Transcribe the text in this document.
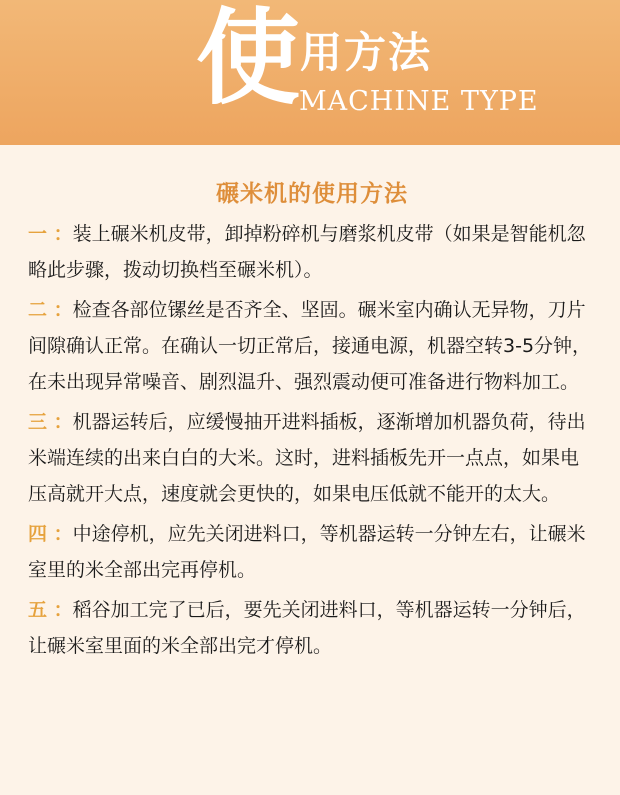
使 用方法
MACHINE TYPE
碾米机的使用方法

一 ：装上碾米机皮带，卸掉粉碎机与磨浆机皮带（如果是智能机忽略此步骤，拨动切换档至碾米机）。

二 ：检查各部位镙丝是否齐全、坚固。碾米室内确认无异物，刀片间隙确认正常。在确认一切正常后，接通电源，机器空转3-5分钟，在未出现异常噪音、剧烈温升、强烈震动便可准备进行物料加工。

三 ：机器运转后，应缓慢抽开进料插板，逐渐增加机器负荷，待出米端连续的出来白白的大米。这时，进料插板先开一点点，如果电压高就开大点，速度就会更快的，如果电压低就不能开的太大。

四 ：中途停机，应先关闭进料口，等机器运转一分钟左右，让碾米室里的米全部出完再停机。

五 ：稻谷加工完了已后，要先关闭进料口，等机器运转一分钟后，让碾米室里面的米全部出完才停机。
